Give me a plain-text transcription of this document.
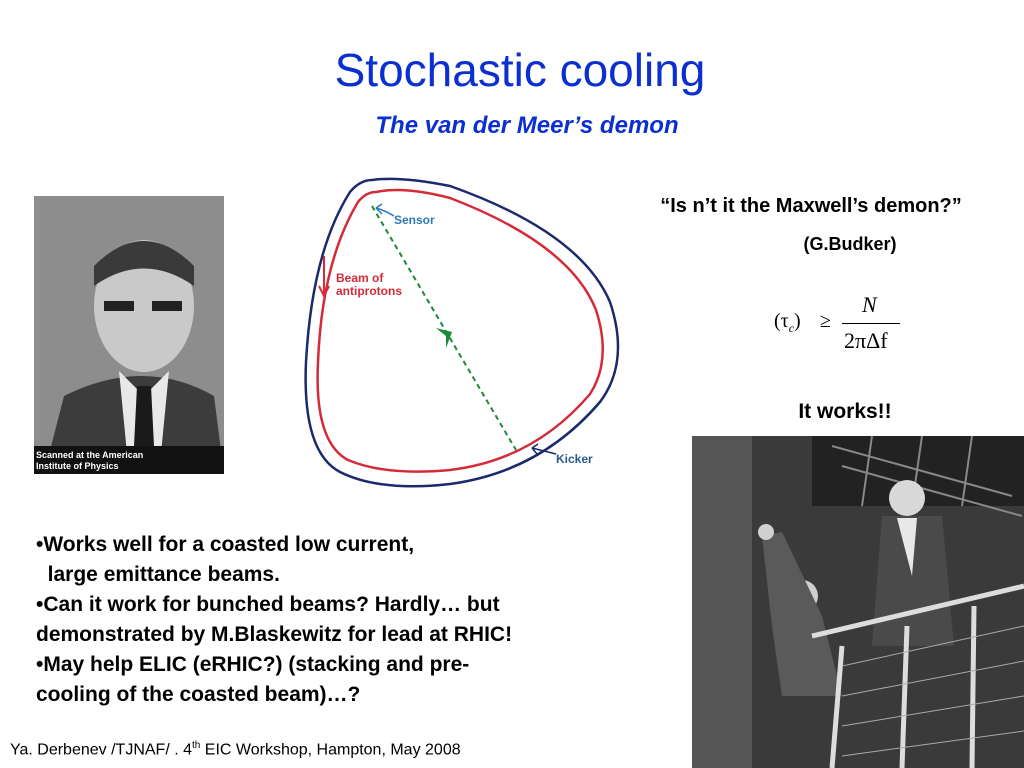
Stochastic cooling
The van der Meer’s demon
Scanned at the American
Institute of Physics
Sensor
Beam of
antiprotons
Kicker
“Is n’t it the Maxwell’s demon?”
(G.Budker)
$(\tau_c)$ ≥
N
2πΔf
It works!!

•Works well for a coasted low current,

large emittance beams.

•Can it work for bunched beams? Hardly… but

demonstrated by M.Blaskewitz for lead at RHIC!

•May help ELIC (eRHIC?) (stacking and pre-

cooling of the coasted beam)…?

Ya. Derbenev /TJNAF/ . 4th EIC Workshop, Hampton, May 2008
